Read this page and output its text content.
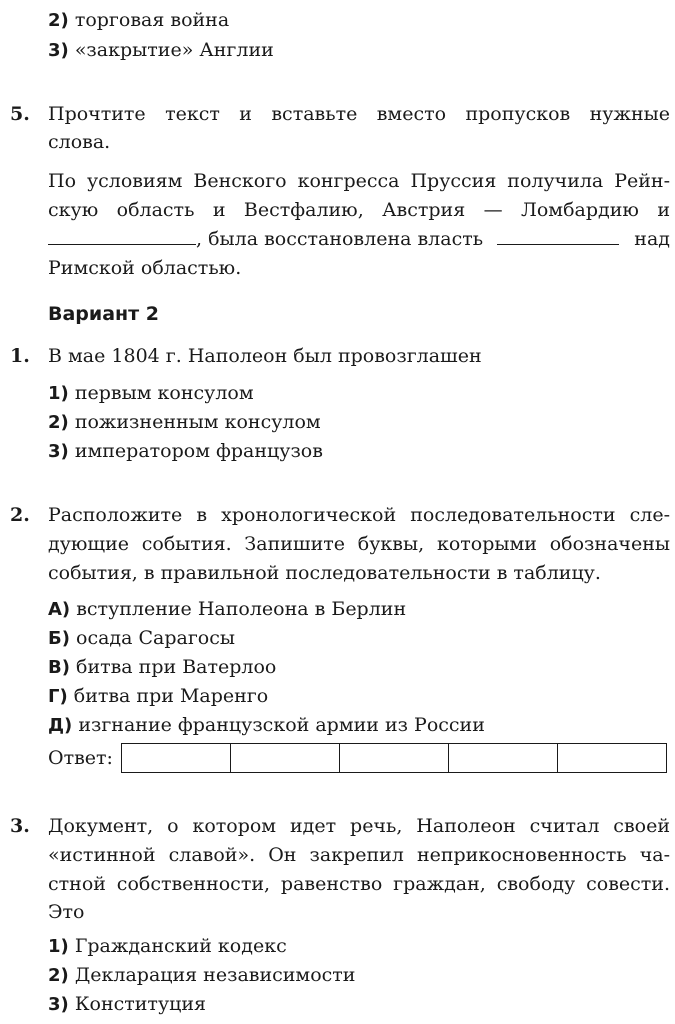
2) торговая война
3) «закрытие» Англии
5. Прочтите текст и вставьте вместо пропусков нужные
слова.
По условиям Венского конгресса Пруссия получила Рейн-
скую область и Вестфалию, Австрия — Ломбардию и
, была восстановлена власть	над
Римской областью.
Вариант 2
1. В мае 1804 г. Наполеон был провозглашен
1) первым консулом
2) пожизненным консулом
3) императором французов
2. Расположите в хронологической последовательности сле-
дующие события. Запишите буквы, которыми обозначены
события, в правильной последовательности в таблицу.
А) вступление Наполеона в Берлин
Б) осада Сарагосы
В) битва при Ватерлоо
Г) битва при Маренго
Д) изгнание французской армии из России
Ответ:
3. Документ, о котором идет речь, Наполеон считал своей
«истинной славой». Он закрепил неприкосновенность ча-
стной собственности, равенство граждан, свободу совести.
Это
1) Гражданский кодекс
2) Декларация независимости
3) Конституция
